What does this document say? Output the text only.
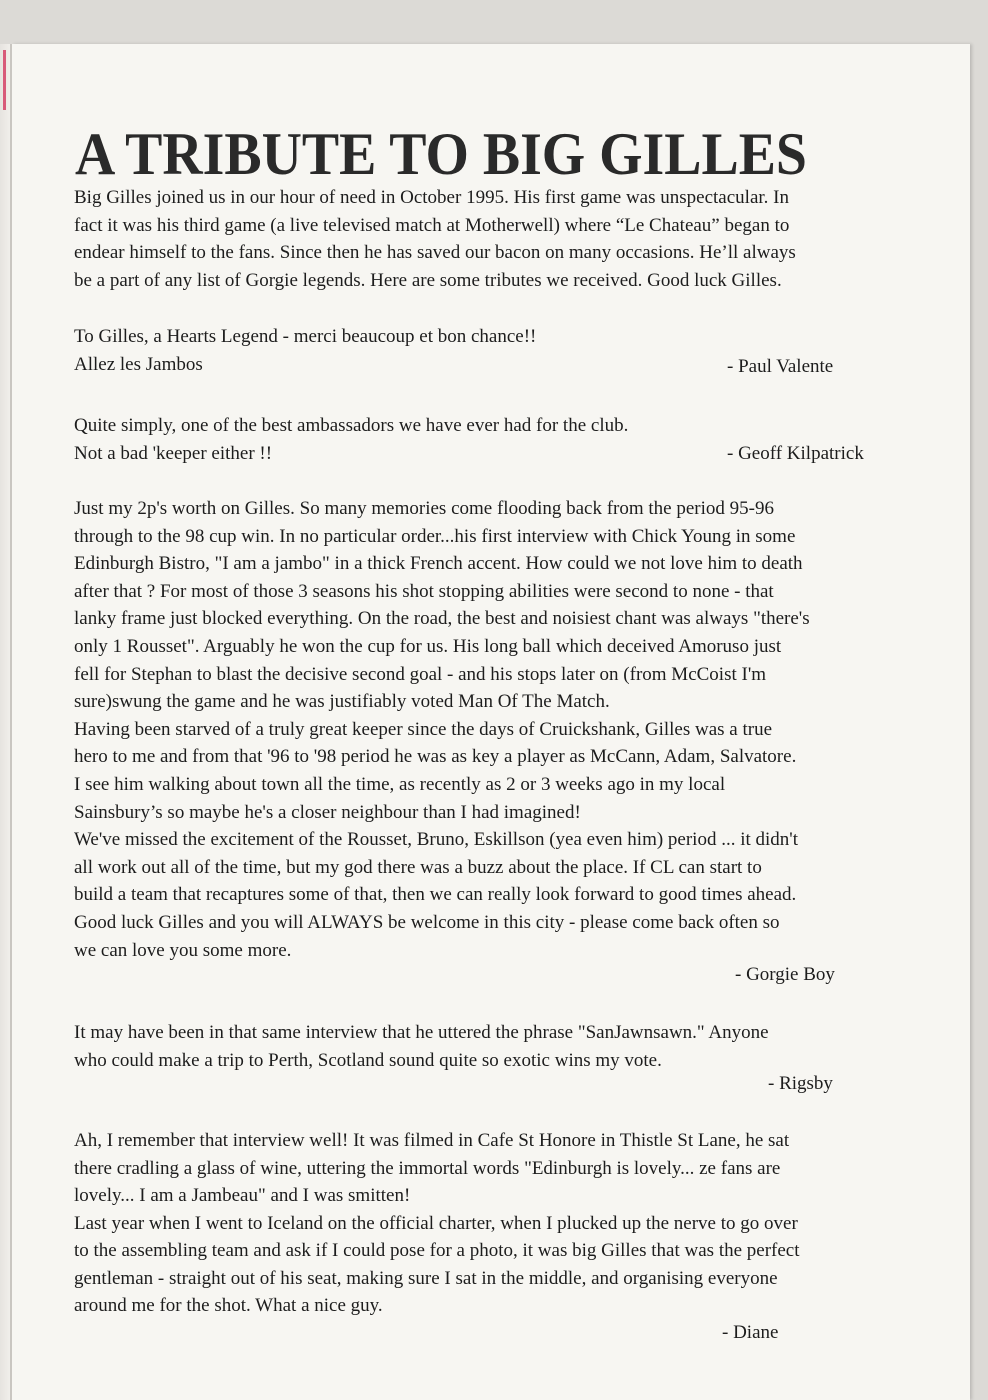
A TRIBUTE TO BIG GILLES
Big Gilles joined us in our hour of need in October 1995. His first game was unspectacular. In
fact it was his third game (a live televised match at Motherwell) where “Le Chateau” began to
endear himself to the fans. Since then he has saved our bacon on many occasions. He’ll always
be a part of any list of Gorgie legends. Here are some tributes we received. Good luck Gilles.
To Gilles, a Hearts Legend - merci beaucoup et bon chance!!
Allez les Jambos	- Paul Valente
Quite simply, one of the best ambassadors we have ever had for the club.
Not a bad 'keeper either !!	- Geoff Kilpatrick
Just my 2p's worth on Gilles. So many memories come flooding back from the period 95-96
through to the 98 cup win. In no particular order...his first interview with Chick Young in some
Edinburgh Bistro, "I am a jambo" in a thick French accent. How could we not love him to death
after that ? For most of those 3 seasons his shot stopping abilities were second to none - that
lanky frame just blocked everything. On the road, the best and noisiest chant was always "there's
only 1 Rousset". Arguably he won the cup for us. His long ball which deceived Amoruso just
fell for Stephan to blast the decisive second goal - and his stops later on (from McCoist I'm
sure)swung the game and he was justifiably voted Man Of The Match.
Having been starved of a truly great keeper since the days of Cruickshank, Gilles was a true
hero to me and from that '96 to '98 period he was as key a player as McCann, Adam, Salvatore.
I see him walking about town all the time, as recently as 2 or 3 weeks ago in my local
Sainsbury’s so maybe he's a closer neighbour than I had imagined!
We've missed the excitement of the Rousset, Bruno, Eskillson (yea even him) period ... it didn't
all work out all of the time, but my god there was a buzz about the place. If CL can start to
build a team that recaptures some of that, then we can really look forward to good times ahead.
Good luck Gilles and you will ALWAYS be welcome in this city - please come back often so
we can love you some more.
- Gorgie Boy
It may have been in that same interview that he uttered the phrase "SanJawnsawn." Anyone
who could make a trip to Perth, Scotland sound quite so exotic wins my vote.
- Rigsby
Ah, I remember that interview well! It was filmed in Cafe St Honore in Thistle St Lane, he sat
there cradling a glass of wine, uttering the immortal words "Edinburgh is lovely... ze fans are
lovely... I am a Jambeau" and I was smitten!
Last year when I went to Iceland on the official charter, when I plucked up the nerve to go over
to the assembling team and ask if I could pose for a photo, it was big Gilles that was the perfect
gentleman - straight out of his seat, making sure I sat in the middle, and organising everyone
around me for the shot. What a nice guy.
- Diane
